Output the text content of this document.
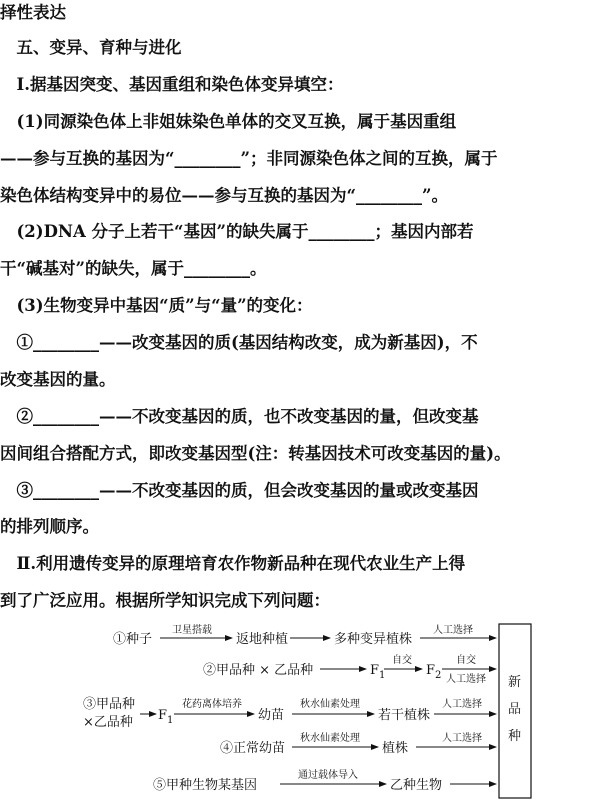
择性表达
　五、变异、育种与进化
　Ⅰ.据基因突变、基因重组和染色体变异填空：
　(1)同源染色体上非姐妹染色单体的交叉互换，属于基因重组
——参与互换的基因为“________”；非同源染色体之间的互换，属于
染色体结构变异中的易位——参与互换的基因为“________”。
　(2)DNA 分子上若干“基因”的缺失属于________；基因内部若
干“碱基对”的缺失，属于________。
　(3)生物变异中基因“质”与“量”的变化：
　①________——改变基因的质(基因结构改变，成为新基因)，不
改变基因的量。
　②________——不改变基因的质，也不改变基因的量，但改变基
因间组合搭配方式，即改变基因型(注：转基因技术可改变基因的量)。
　③________——不改变基因的质，但会改变基因的量或改变基因
的排列顺序。
　Ⅱ.利用遗传变异的原理培育农作物新品种在现代农业生产上得
到了广泛应用。根据所学知识完成下列问题：
①种子
卫星搭载
返地种植	多种变异植株
人工选择
②甲品种 × 乙品种	$F_1$
自交
$F_2$
自交
人工选择
③甲品种
×乙品种 $F_1$
花药离体培养
幼苗
秋水仙素处理
若干植株
人工选择
④正常幼苗
秋水仙素处理
植株
人工选择
⑤甲种生物某基因
通过载体导入
乙种生物
新
品
种
